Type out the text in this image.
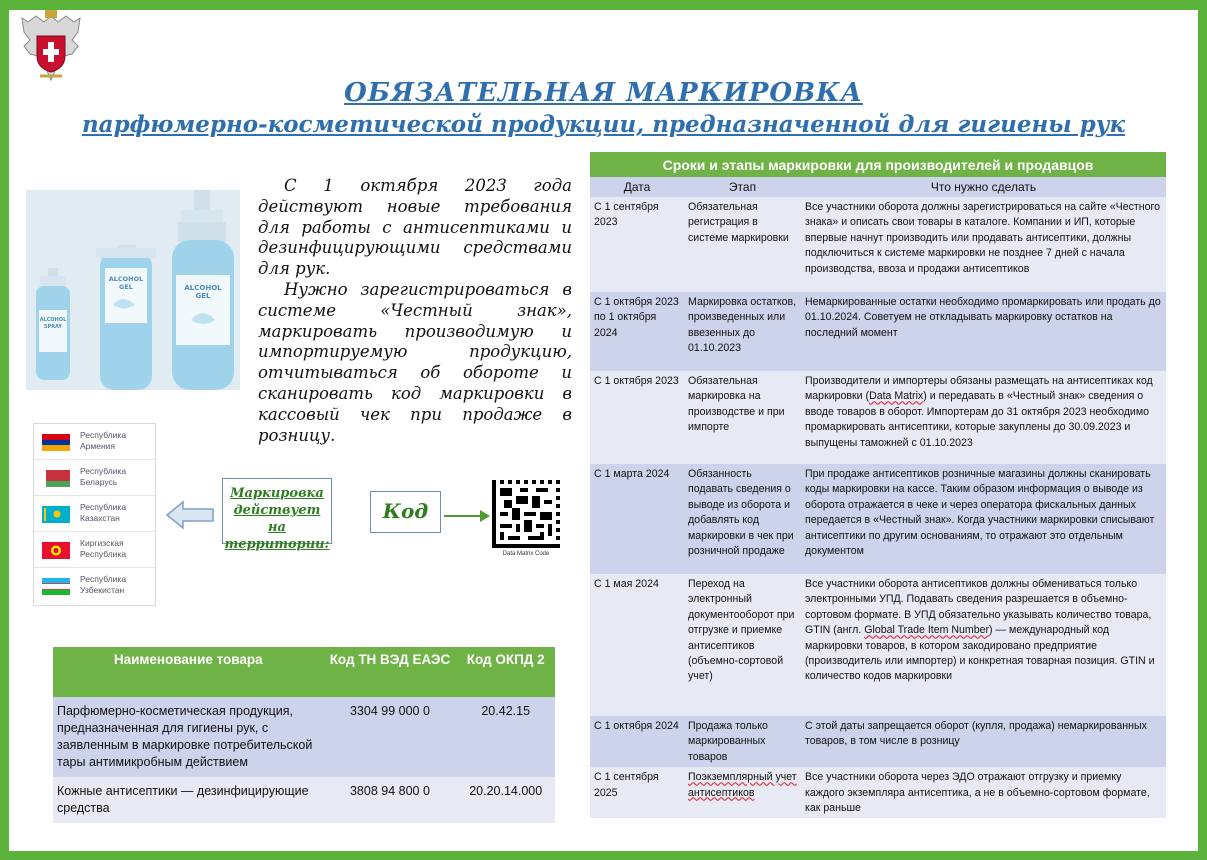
ОБЯЗАТЕЛЬНАЯ МАРКИРОВКА
парфюмерно-косметической продукции, предназначенной для гигиены рук
ALCOHOL
GEL
ALCOHOL
GEL
ALCOHOL
SPRAY

С 1 октября 2023 года действуют новые требования для работы с антисептиками и дезинфицирующими средствами для рук.

Нужно зарегистрироваться в системе «Честный знак», маркировать производимую и импортируемую продукцию, отчитываться об обороте и сканировать код маркировки в кассовый чек при продаже в розницу.

Республика Армения
Республика Беларусь
Республика Казахстан
Киргизская Республика
Республика Узбекистан
Маркировка действует на территории:
Код
Data Matrix Code
Наименование товара	Код ТН ВЭД ЕАЭС	Код ОКПД 2
Парфюмерно-косметическая продукция, предназначенная для гигиены рук, с заявленным в маркировке потребительской тары антимикробным действием	3304 99 000 0	20.42.15
Кожные антисептики — дезинфицирующие средства	3808 94 800 0	20.20.14.000
Сроки и этапы маркировки для производителей и продавцов		
Дата	Этап	Что нужно сделать
С 1 сентября 2023	Обязательная регистрация в системе маркировки	Все участники оборота должны зарегистрироваться на сайте «Честного знака» и описать свои товары в каталоге. Компании и ИП, которые впервые начнут производить или продавать антисептики, должны подключиться к системе маркировки не позднее 7 дней с начала производства, ввоза и продажи антисептиков
С 1 октября 2023 по 1 октября 2024	Маркировка остатков, произведенных или ввезенных до 01.10.2023	Немаркированные остатки необходимо промаркировать или продать до 01.10.2024. Советуем не откладывать маркировку остатков на последний момент
С 1 октября 2023	Обязательная маркировка на производстве и при импорте	Производители и импортеры обязаны размещать на антисептиках код маркировки (Data Matrix) и передавать в «Честный знак» сведения о вводе товаров в оборот. Импортерам до 31 октября 2023 необходимо промаркировать антисептики, которые закуплены до 30.09.2023 и выпущены таможней с 01.10.2023
С 1 марта 2024	Обязанность подавать сведения о выводе из оборота и добавлять код маркировки в чек при розничной продаже	При продаже антисептиков розничные магазины должны сканировать коды маркировки на кассе. Таким образом информация о выводе из оборота отражается в чеке и через оператора фискальных данных передается в «Честный знак». Когда участники маркировки списывают антисептики по другим основаниям, то отражают это отдельным документом
С 1 мая 2024	Переход на электронный документооборот при отгрузке и приемке антисептиков (объемно-сортовой учет)	Все участники оборота антисептиков должны обмениваться только электронными УПД. Подавать сведения разрешается в объемно-сортовом формате. В УПД обязательно указывать количество товара, GTIN (англ. Global Trade Item Number) — международный код маркировки товаров, в котором закодировано предприятие (производитель или импортер) и конкретная товарная позиция. GTIN и количество кодов маркировки
С 1 октября 2024	Продажа только маркированных товаров	С этой даты запрещается оборот (купля, продажа) немаркированных товаров, в том числе в розницу
С 1 сентября 2025	Поэкземплярный учет антисептиков	Все участники оборота через ЭДО отражают отгрузку и приемку каждого экземпляра антисептика, а не в объемно-сортовом формате, как раньше
